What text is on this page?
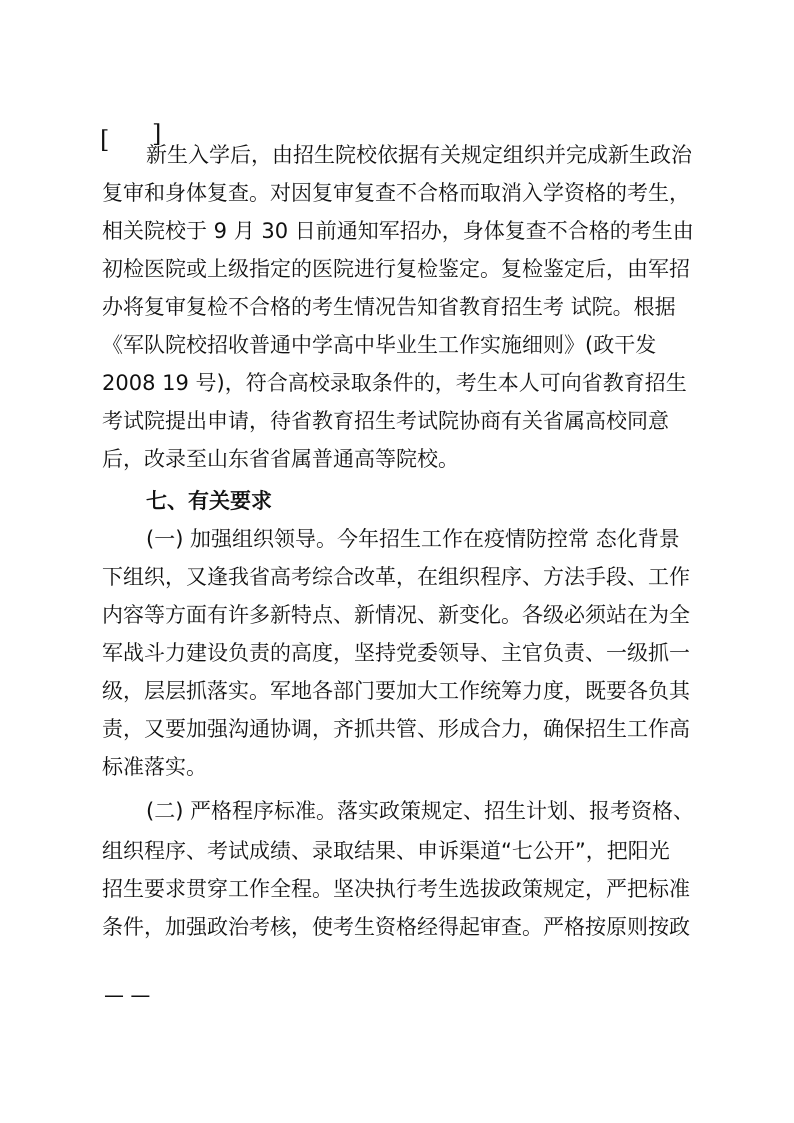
[ ]
新生入学后，由招生院校依据有关规定组织并完成新生政治
复审和身体复查。对因复审复查不合格而取消入学资格的考生，
相关院校于 9 月 30 日前通知军招办，身体复查不合格的考生由
初检医院或上级指定的医院进行复检鉴定。复检鉴定后，由军招
办将复审复检不合格的考生情况告知省教育招生考 试院。根据
《军队院校招收普通中学高中毕业生工作实施细则》(政干发
2008 19 号)，符合高校录取条件的，考生本人可向省教育招生
考试院提出申请，待省教育招生考试院协商有关省属高校同意
后，改录至山东省省属普通高等院校。
七、有关要求
(一) 加强组织领导。今年招生工作在疫情防控常 态化背景
下组织，又逢我省高考综合改革，在组织程序、方法手段、工作
内容等方面有许多新特点、新情况、新变化。各级必须站在为全
军战斗力建设负责的高度，坚持党委领导、主官负责、一级抓一
级，层层抓落实。军地各部门要加大工作统筹力度，既要各负其
责，又要加强沟通协调，齐抓共管、形成合力，确保招生工作高
标准落实。
(二) 严格程序标准。落实政策规定、招生计划、报考资格、
组织程序、考试成绩、录取结果、申诉渠道“七公开”，把阳光
招生要求贯穿工作全程。坚决执行考生选拔政策规定，严把标准
条件，加强政治考核，使考生资格经得起审查。严格按原则按政
— —
